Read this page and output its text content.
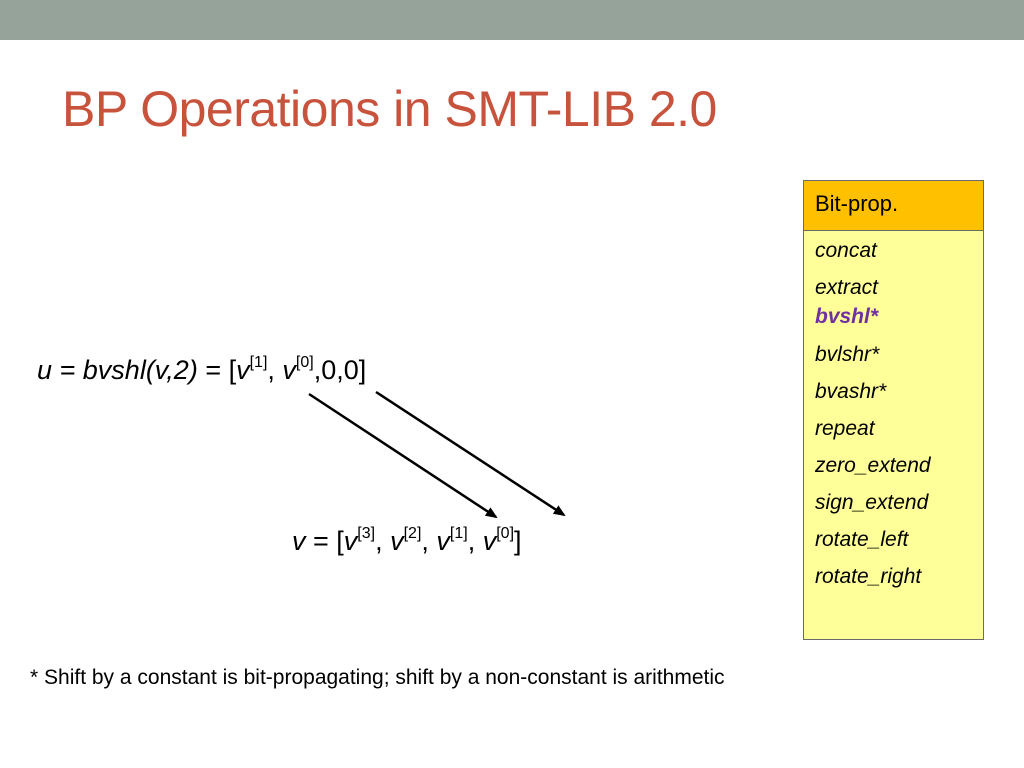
BP Operations in SMT-LIB 2.0
u = bvshl(v,2) = [v[1], v[0],0,0]
v = [v[3], v[2], v[1], v[0]]
Bit-prop.
concat
extract
bvshl*
bvlshr*
bvashr*
repeat
zero_extend
sign_extend
rotate_left
rotate_right
* Shift by a constant is bit-propagating; shift by a non-constant is arithmetic
